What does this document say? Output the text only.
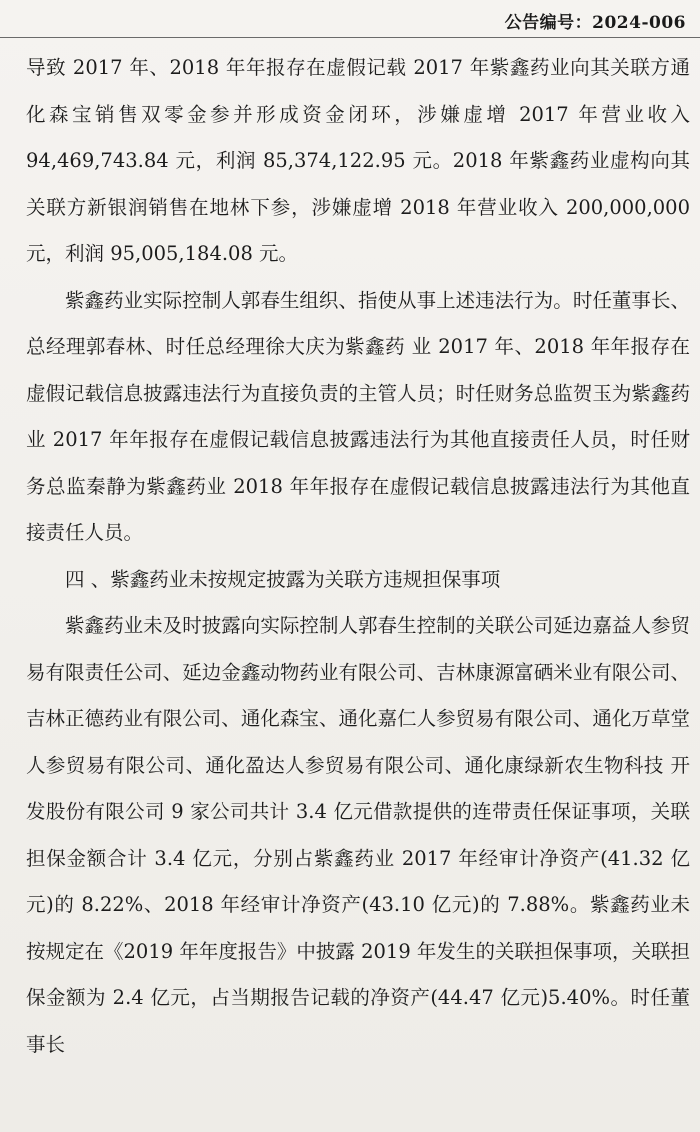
公告编号：2024-006

导致 2017 年、2018 年年报存在虚假记载 2017 年紫鑫药业向其关联方通化森宝销售双零金参并形成资金闭环，涉嫌虚增 2017 年营业收入 94,469,743.84 元，利润 85,374,122.95 元。2018 年紫鑫药业虚构向其关联方新银润销售在地林下参，涉嫌虚增 2018 年营业收入 200,000,000 元，利润 95,005,184.08 元。

紫鑫药业实际控制人郭春生组织、指使从事上述违法行为。时任董事长、总经理郭春林、时任总经理徐大庆为紫鑫药 业 2017 年、2018 年年报存在虚假记载信息披露违法行为直接负责的主管人员；时任财务总监贺玉为紫鑫药业 2017 年年报存在虚假记载信息披露违法行为其他直接责任人员，时任财务总监秦静为紫鑫药业 2018 年年报存在虚假记载信息披露违法行为其他直接责任人员。

四 、紫鑫药业未按规定披露为关联方违规担保事项

紫鑫药业未及时披露向实际控制人郭春生控制的关联公司延边嘉益人参贸易有限责任公司、延边金鑫动物药业有限公司、吉林康源富硒米业有限公司、吉林正德药业有限公司、通化森宝、通化嘉仁人参贸易有限公司、通化万草堂人参贸易有限公司、通化盈达人参贸易有限公司、通化康绿新农生物科技 开发股份有限公司 9 家公司共计 3.4 亿元借款提供的连带责任保证事项，关联担保金额合计 3.4 亿元，分别占紫鑫药业 2017 年经审计净资产(41.32 亿元)的 8.22%、2018 年经审计净资产(43.10 亿元)的 7.88%。紫鑫药业未按规定在《2019 年年度报告》中披露 2019 年发生的关联担保事项，关联担保金额为 2.4 亿元，占当期报告记载的净资产(44.47 亿元)5.40%。时任董事长
